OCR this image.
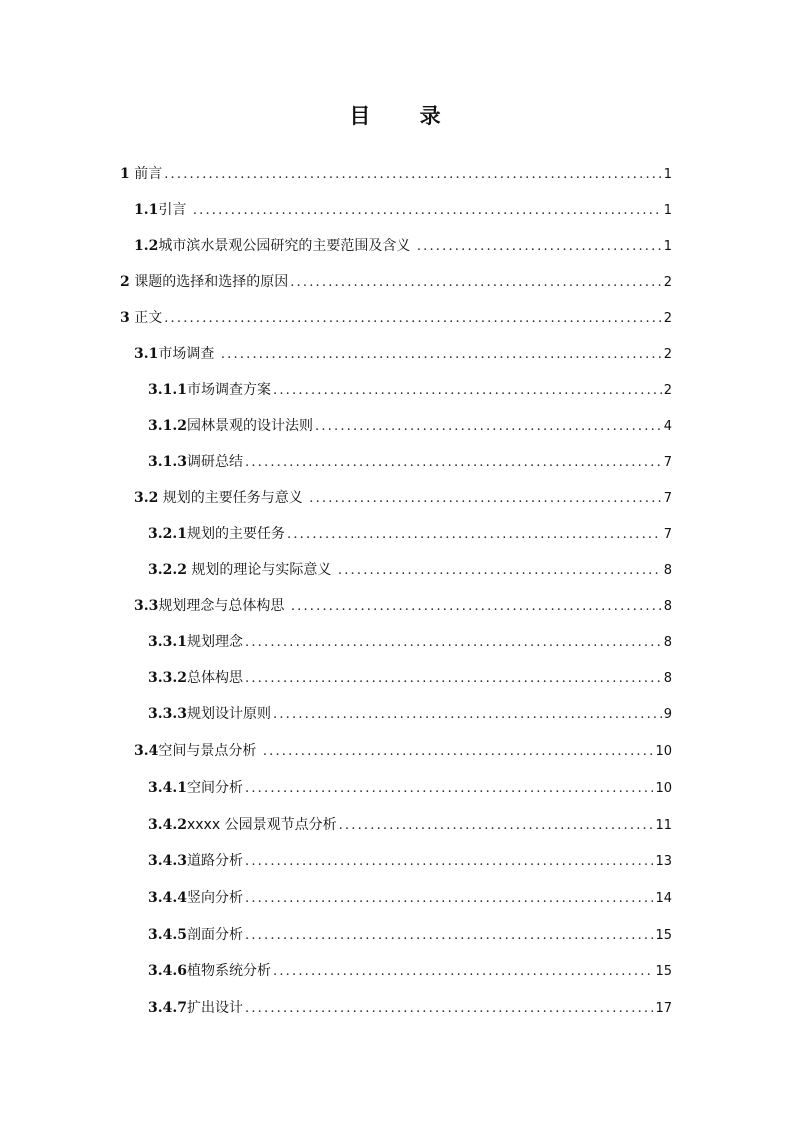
目    录
1 前言 .....	1
1.1 引言 .....	1
1.2 城市滨水景观公园研究的主要范围及含义 .....	1
2 课题的选择和选择的原因 .....	2
3 正文 .....	2
3.1 市场调查 .....	2
3.1.1 市场调查方案 .....	2
3.1.2 园林景观的设计法则 .....	4
3.1.3 调研总结 .....	7
3.2 规划的主要任务与意义 .....	7
3.2.1 规划的主要任务 .....	7
3.2.2 规划的理论与实际意义 .....	8
3.3 规划理念与总体构思 .....	8
3.3.1 规划理念 .....	8
3.3.2 总体构思 .....	8
3.3.3 规划设计原则 .....	9
3.4 空间与景点分析 .....	10
3.4.1 空间分析 .....	10
3.4.2 xxxx 公园景观节点分析 .....	11
3.4.3 道路分析 .....	13
3.4.4 竖向分析 .....	14
3.4.5 剖面分析 .....	15
3.4.6 植物系统分析 .....	15
3.4.7 扩出设计 .....	17
